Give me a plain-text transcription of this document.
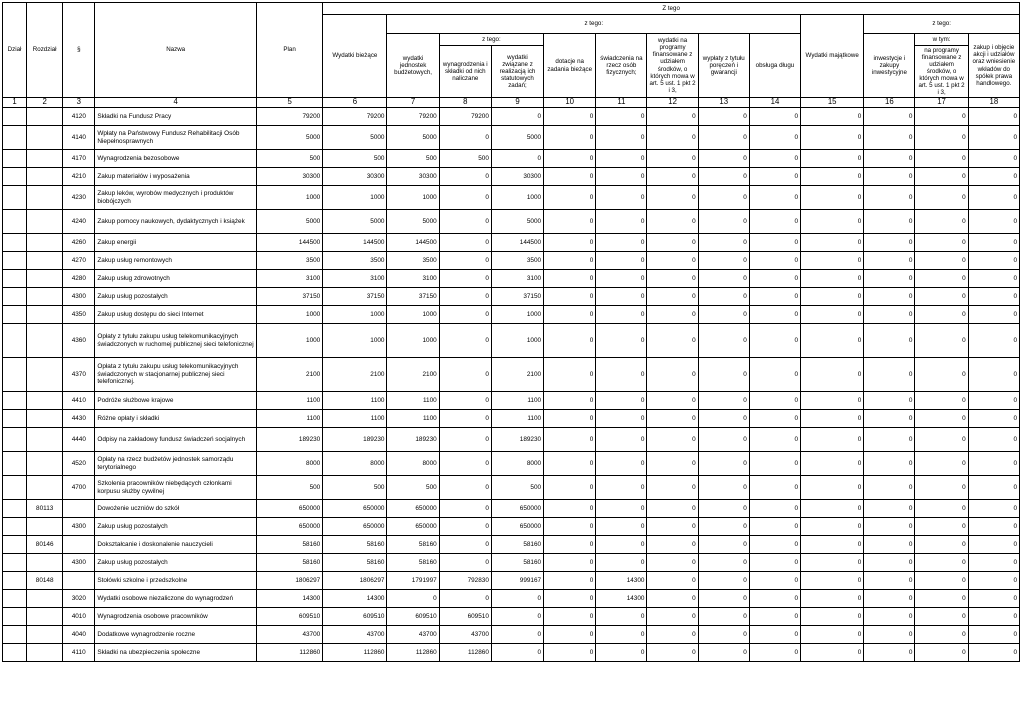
Dział	Rozdział	§	Nazwa	Plan	Z tego												
					Wydatki bieżące	z tego:								Wydatki majątkowe	z tego:		
						wydatki jednostek budżetowych,	z tego:		dotacje na zadania bieżące	świadczenia na rzecz osób fizycznych;	wydatki na programy finansowane z udziałem środków, o których mowa w art. 5 ust. 1 pkt 2 i 3,	wypłaty z tytułu poręczeń i gwarancji	obsługa długu		inwestycje i zakupy inwestycyjne	w tym:	zakup i objęcie akcji i udziałów oraz wniesienie wkładów do spółek prawa handlowego.
							wynagrodzenia i składki od nich naliczane	wydatki związane z realizacją ich statutowych zadań;								na programy finansowane z udziałem środków, o których mowa w art. 5 ust. 1 pkt 2 i 3,	

1	2	3	4	5	6	7	8	9	10	11	12	13	14	15	16	17	18
		4120	Składki na Fundusz Pracy	79200	79200	79200	79200	0	0	0	0	0	0	0	0	0	0
		4140	Wpłaty na Państwowy Fundusz Rehabilitacji Osób Niepełnosprawnych	5000	5000	5000	0	5000	0	0	0	0	0	0	0	0	0
		4170	Wynagrodzenia bezosobowe	500	500	500	500	0	0	0	0	0	0	0	0	0	0
		4210	Zakup materiałów i wyposażenia	30300	30300	30300	0	30300	0	0	0	0	0	0	0	0	0
		4230	Zakup leków, wyrobów medycznych i produktów biobójczych	1000	1000	1000	0	1000	0	0	0	0	0	0	0	0	0
		4240	Zakup pomocy naukowych, dydaktycznych i książek	5000	5000	5000	0	5000	0	0	0	0	0	0	0	0	0
		4260	Zakup energii	144500	144500	144500	0	144500	0	0	0	0	0	0	0	0	0
		4270	Zakup usług remontowych	3500	3500	3500	0	3500	0	0	0	0	0	0	0	0	0
		4280	Zakup usług zdrowotnych	3100	3100	3100	0	3100	0	0	0	0	0	0	0	0	0
		4300	Zakup usług pozostałych	37150	37150	37150	0	37150	0	0	0	0	0	0	0	0	0
		4350	Zakup usług dostępu do sieci Internet	1000	1000	1000	0	1000	0	0	0	0	0	0	0	0	0
		4360	Opłaty z tytułu zakupu usług telekomunikacyjnych świadczonych w ruchomej publicznej sieci telefonicznej	1000	1000	1000	0	1000	0	0	0	0	0	0	0	0	0
		4370	Opłata z tytułu zakupu usług telekomunikacyjnych świadczonych w stacjonarnej publicznej sieci telefonicznej.	2100	2100	2100	0	2100	0	0	0	0	0	0	0	0	0
		4410	Podróże służbowe krajowe	1100	1100	1100	0	1100	0	0	0	0	0	0	0	0	0
		4430	Różne opłaty i składki	1100	1100	1100	0	1100	0	0	0	0	0	0	0	0	0
		4440	Odpisy na zakładowy fundusz świadczeń socjalnych	189230	189230	189230	0	189230	0	0	0	0	0	0	0	0	0
		4520	Opłaty na rzecz budżetów jednostek samorządu terytorialnego	8000	8000	8000	0	8000	0	0	0	0	0	0	0	0	0
		4700	Szkolenia pracowników niebędących członkami korpusu służby cywilnej	500	500	500	0	500	0	0	0	0	0	0	0	0	0
	80113		Dowożenie uczniów do szkół	650000	650000	650000	0	650000	0	0	0	0	0	0	0	0	0
		4300	Zakup usług pozostałych	650000	650000	650000	0	650000	0	0	0	0	0	0	0	0	0
	80146		Dokształcanie i doskonalenie nauczycieli	58160	58160	58160	0	58160	0	0	0	0	0	0	0	0	0
		4300	Zakup usług pozostałych	58160	58160	58160	0	58160	0	0	0	0	0	0	0	0	0
	80148		Stołówki szkolne i przedszkolne	1806297	1806297	1791997	792830	999167	0	14300	0	0	0	0	0	0	0
		3020	Wydatki osobowe niezaliczone do wynagrodzeń	14300	14300	0	0	0	0	14300	0	0	0	0	0	0	0
		4010	Wynagrodzenia osobowe pracowników	609510	609510	609510	609510	0	0	0	0	0	0	0	0	0	0
		4040	Dodatkowe wynagrodzenie roczne	43700	43700	43700	43700	0	0	0	0	0	0	0	0	0	0
		4110	Składki na ubezpieczenia społeczne	112860	112860	112860	112860	0	0	0	0	0	0	0	0	0	0
